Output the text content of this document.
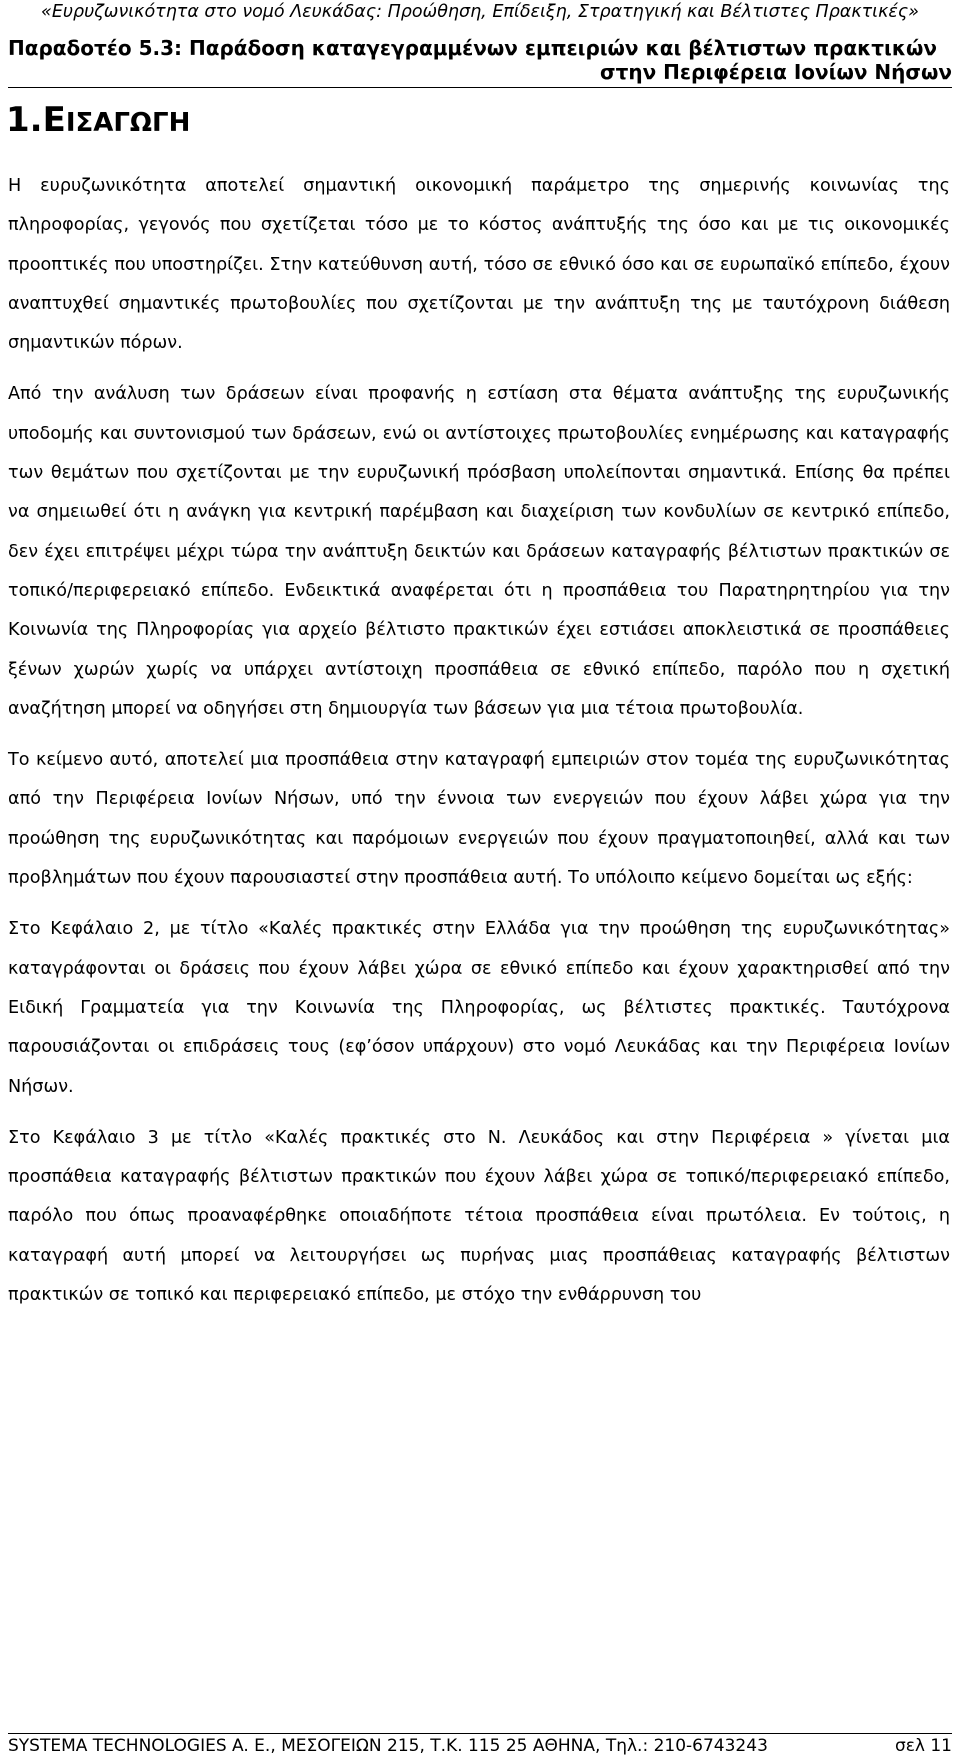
«Ευρυζωνικότητα στο νομό Λευκάδας: Προώθηση, Επίδειξη, Στρατηγική και Βέλτιστες Πρακτικές»
Παραδοτέο 5.3: Παράδοση καταγεγραμμένων εμπειριών και βέλτιστων πρακτικών
στην Περιφέρεια Ιονίων Νήσων
1.ΕΙΣΑΓΩΓΗ

Η ευρυζωνικότητα αποτελεί σημαντική οικονομική παράμετρο της σημερινής κοινωνίας της πληροφορίας, γεγονός που σχετίζεται τόσο με το κόστος ανάπτυξής της όσο και με τις οικονομικές προοπτικές που υποστηρίζει. Στην κατεύθυνση αυτή, τόσο σε εθνικό όσο και σε ευρωπαϊκό επίπεδο, έχουν αναπτυχθεί σημαντικές πρωτοβουλίες που σχετίζονται με την ανάπτυξη της με ταυτόχρονη διάθεση σημαντικών πόρων.

Από την ανάλυση των δράσεων είναι προφανής η εστίαση στα θέματα ανάπτυξης της ευρυζωνικής υποδομής και συντονισμού των δράσεων, ενώ οι αντίστοιχες πρωτοβουλίες ενημέρωσης και καταγραφής των θεμάτων που σχετίζονται με την ευρυζωνική πρόσβαση υπολείπονται σημαντικά. Επίσης θα πρέπει να σημειωθεί ότι η ανάγκη για κεντρική παρέμβαση και διαχείριση των κονδυλίων σε κεντρικό επίπεδο, δεν έχει επιτρέψει μέχρι τώρα την ανάπτυξη δεικτών και δράσεων καταγραφής βέλτιστων πρακτικών σε τοπικό/περιφερειακό επίπεδο. Ενδεικτικά αναφέρεται ότι η προσπάθεια του Παρατηρητηρίου για την Κοινωνία της Πληροφορίας για αρχείο βέλτιστο πρακτικών έχει εστιάσει αποκλειστικά σε προσπάθειες ξένων χωρών χωρίς να υπάρχει αντίστοιχη προσπάθεια σε εθνικό επίπεδο, παρόλο που η σχετική αναζήτηση μπορεί να οδηγήσει στη δημιουργία των βάσεων για μια τέτοια πρωτοβουλία.

Το κείμενο αυτό, αποτελεί μια προσπάθεια στην καταγραφή εμπειριών στον τομέα της ευρυζωνικότητας από την Περιφέρεια Ιονίων Νήσων, υπό την έννοια των ενεργειών που έχουν λάβει χώρα για την προώθηση της ευρυζωνικότητας και παρόμοιων ενεργειών που έχουν πραγματοποιηθεί, αλλά και των προβλημάτων που έχουν παρουσιαστεί στην προσπάθεια αυτή. Το υπόλοιπο κείμενο δομείται ως εξής:

Στο Κεφάλαιο 2, με τίτλο «Καλές πρακτικές στην Ελλάδα για την προώθηση της ευρυζωνικότητας» καταγράφονται οι δράσεις που έχουν λάβει χώρα σε εθνικό επίπεδο και έχουν χαρακτηρισθεί από την Ειδική Γραμματεία για την Κοινωνία της Πληροφορίας, ως βέλτιστες πρακτικές. Ταυτόχρονα παρουσιάζονται οι επιδράσεις τους (εφ’όσον υπάρχουν) στο νομό Λευκάδας και την Περιφέρεια Ιονίων Νήσων.

Στο Κεφάλαιο 3 με τίτλο «Καλές πρακτικές στο Ν. Λευκάδος και στην Περιφέρεια » γίνεται μια προσπάθεια καταγραφής βέλτιστων πρακτικών που έχουν λάβει χώρα σε τοπικό/περιφερειακό επίπεδο, παρόλο που όπως προαναφέρθηκε οποιαδήποτε τέτοια προσπάθεια είναι πρωτόλεια. Εν τούτοις, η καταγραφή αυτή μπορεί να λειτουργήσει ως πυρήνας μιας προσπάθειας καταγραφής βέλτιστων πρακτικών σε τοπικό και περιφερειακό επίπεδο, με στόχο την ενθάρρυνση του

SYSTEMA TECHNOLOGIES A. E., ΜΕΣΟΓΕΙΩΝ 215, Τ.Κ. 115 25 ΑΘΗΝΑ, Τηλ.: 210-6743243	σελ 11
